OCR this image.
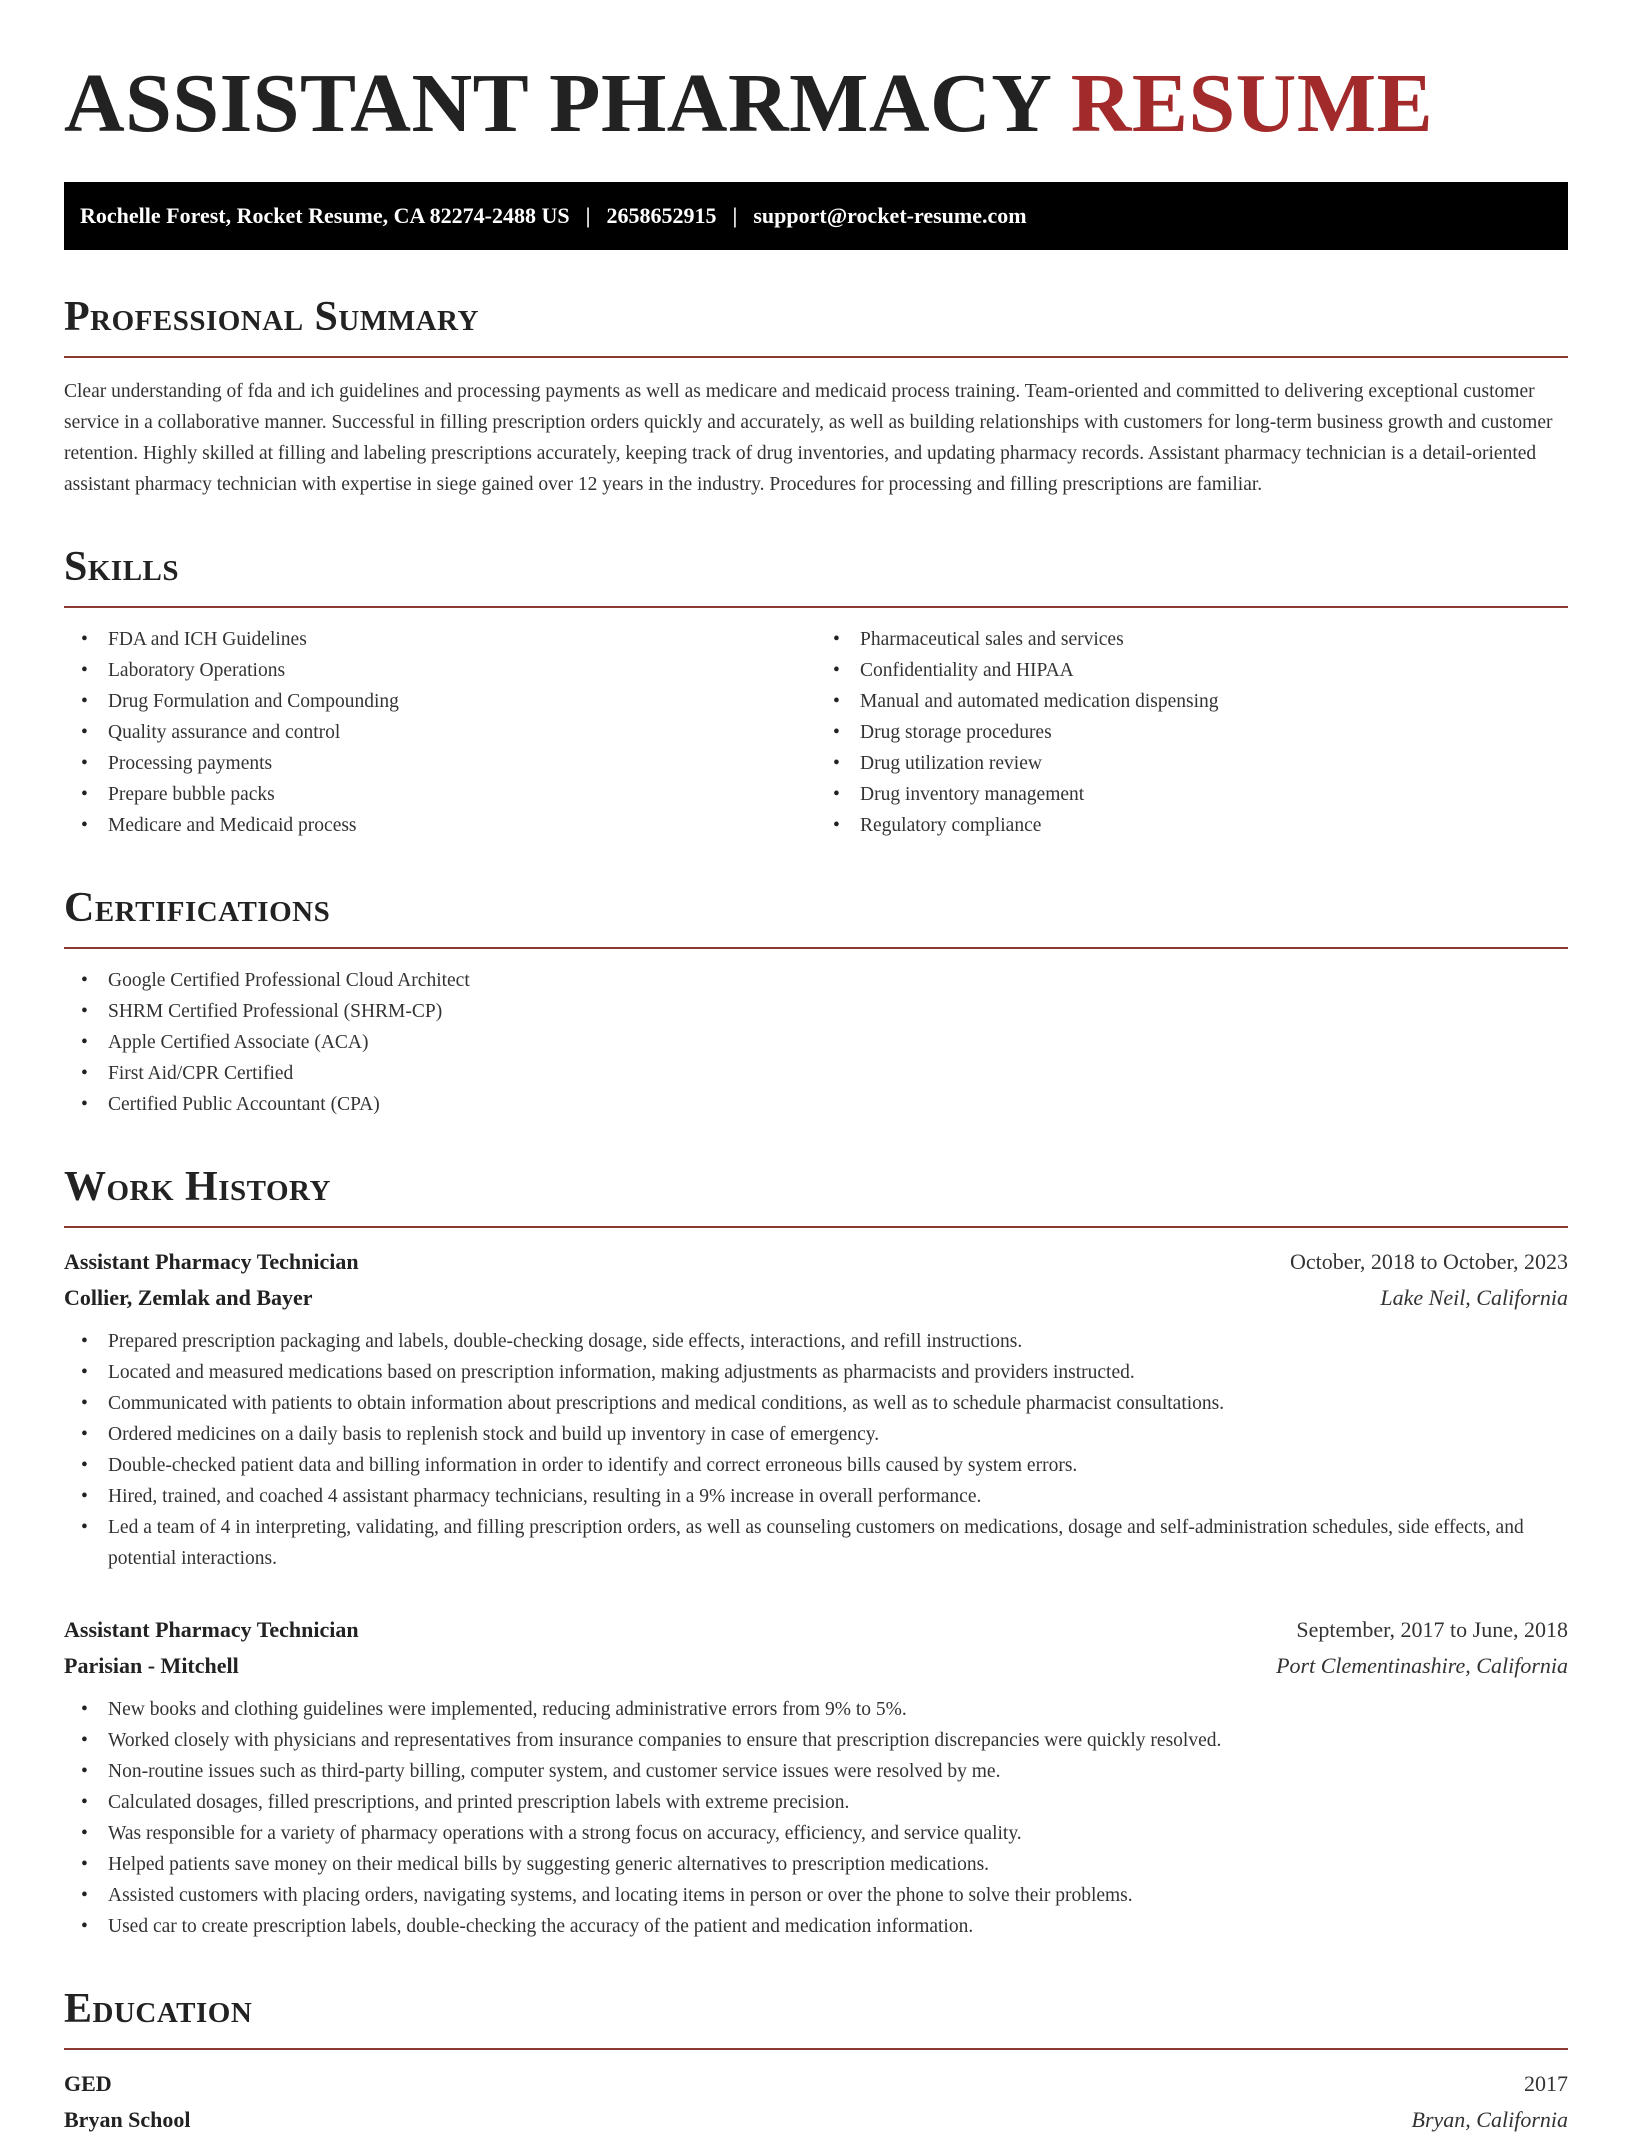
ASSISTANT PHARMACY RESUME
Rochelle Forest, Rocket Resume, CA 82274-2488 US | 2658652915 | support@rocket-resume.com
Professional Summary

Clear understanding of fda and ich guidelines and processing payments as well as medicare and medicaid process training. Team-oriented and committed to delivering exceptional customer service in a collaborative manner. Successful in filling prescription orders quickly and accurately, as well as building relationships with customers for long-term business growth and customer retention. Highly skilled at filling and labeling prescriptions accurately, keeping track of drug inventories, and updating pharmacy records. Assistant pharmacy technician is a detail-oriented assistant pharmacy technician with expertise in siege gained over 12 years in the industry. Procedures for processing and filling prescriptions are familiar.

Skills
• FDA and ICH Guidelines
• Laboratory Operations
• Drug Formulation and Compounding
• Quality assurance and control
• Processing payments
• Prepare bubble packs
• Medicare and Medicaid process
• Pharmaceutical sales and services
• Confidentiality and HIPAA
• Manual and automated medication dispensing
• Drug storage procedures
• Drug utilization review
• Drug inventory management
• Regulatory compliance
Certifications
• Google Certified Professional Cloud Architect
• SHRM Certified Professional (SHRM-CP)
• Apple Certified Associate (ACA)
• First Aid/CPR Certified
• Certified Public Accountant (CPA)
Work History
Assistant Pharmacy Technician	October, 2018 to October, 2023
Collier, Zemlak and Bayer	Lake Neil, California
• Prepared prescription packaging and labels, double-checking dosage, side effects, interactions, and refill instructions.
• Located and measured medications based on prescription information, making adjustments as pharmacists and providers instructed.
• Communicated with patients to obtain information about prescriptions and medical conditions, as well as to schedule pharmacist consultations.
• Ordered medicines on a daily basis to replenish stock and build up inventory in case of emergency.
• Double-checked patient data and billing information in order to identify and correct erroneous bills caused by system errors.
• Hired, trained, and coached 4 assistant pharmacy technicians, resulting in a 9% increase in overall performance.
• Led a team of 4 in interpreting, validating, and filling prescription orders, as well as counseling customers on medications, dosage and self-administration schedules, side effects, and potential interactions.
Assistant Pharmacy Technician	September, 2017 to June, 2018
Parisian - Mitchell	Port Clementinashire, California
• New books and clothing guidelines were implemented, reducing administrative errors from 9% to 5%.
• Worked closely with physicians and representatives from insurance companies to ensure that prescription discrepancies were quickly resolved.
• Non-routine issues such as third-party billing, computer system, and customer service issues were resolved by me.
• Calculated dosages, filled prescriptions, and printed prescription labels with extreme precision.
• Was responsible for a variety of pharmacy operations with a strong focus on accuracy, efficiency, and service quality.
• Helped patients save money on their medical bills by suggesting generic alternatives to prescription medications.
• Assisted customers with placing orders, navigating systems, and locating items in person or over the phone to solve their problems.
• Used car to create prescription labels, double-checking the accuracy of the patient and medication information.
Education
GED	2017
Bryan School	Bryan, California
